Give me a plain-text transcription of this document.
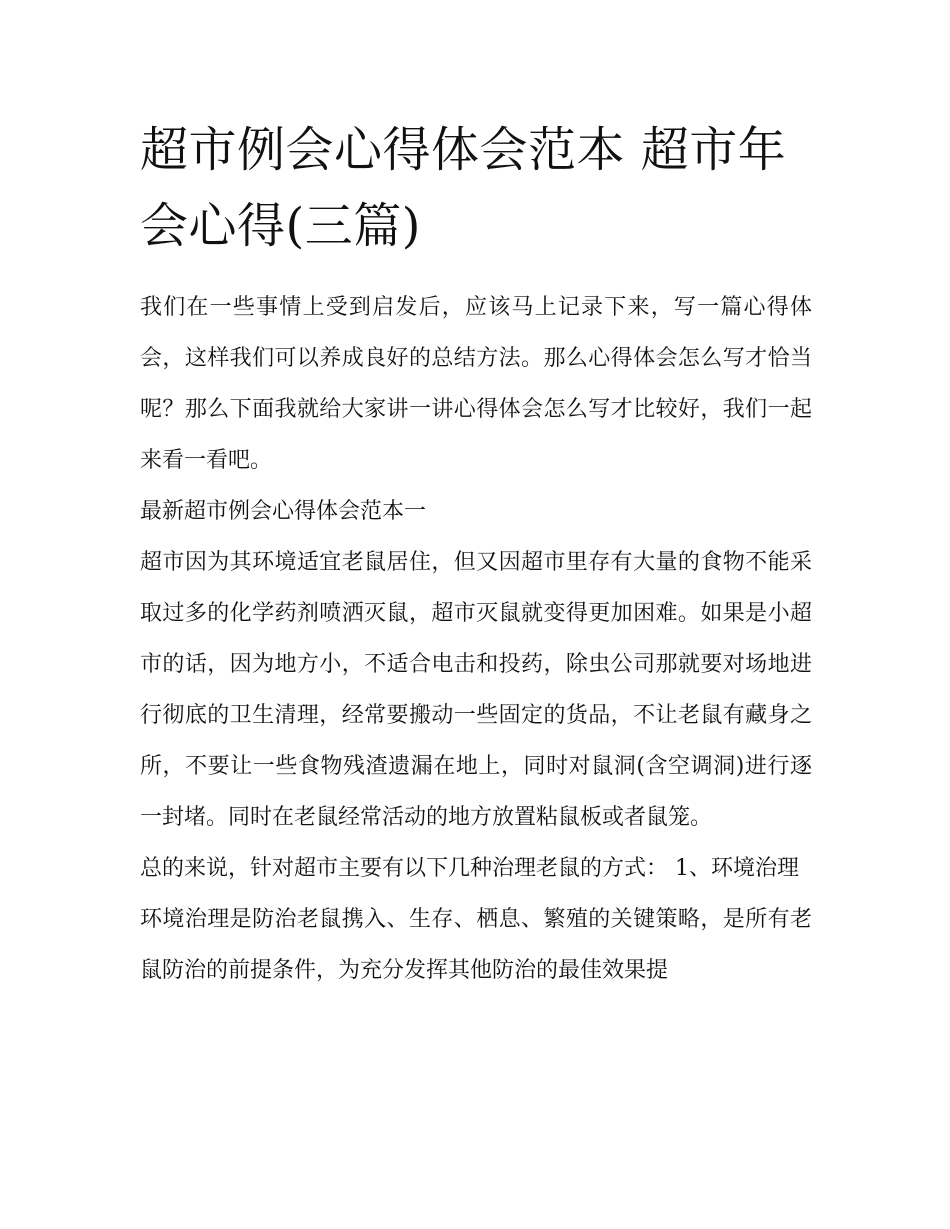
超市例会心得体会范本 超市年会心得(三篇)

我们在一些事情上受到启发后，应该马上记录下来，写一篇心得体会，这样我们可以养成良好的总结方法。那么心得体会怎么写才恰当呢？那么下面我就给大家讲一讲心得体会怎么写才比较好，我们一起来看一看吧。

最新超市例会心得体会范本一

超市因为其环境适宜老鼠居住，但又因超市里存有大量的食物不能采取过多的化学药剂喷洒灭鼠，超市灭鼠就变得更加困难。如果是小超市的话，因为地方小，不适合电击和投药，除虫公司那就要对场地进行彻底的卫生清理，经常要搬动一些固定的货品，不让老鼠有藏身之所，不要让一些食物残渣遗漏在地上，同时对鼠洞(含空调洞)进行逐一封堵。同时在老鼠经常活动的地方放置粘鼠板或者鼠笼。

总的来说，针对超市主要有以下几种治理老鼠的方式： 1、环境治理

环境治理是防治老鼠携入、生存、栖息、繁殖的关键策略，是所有老鼠防治的前提条件，为充分发挥其他防治的最佳效果提
